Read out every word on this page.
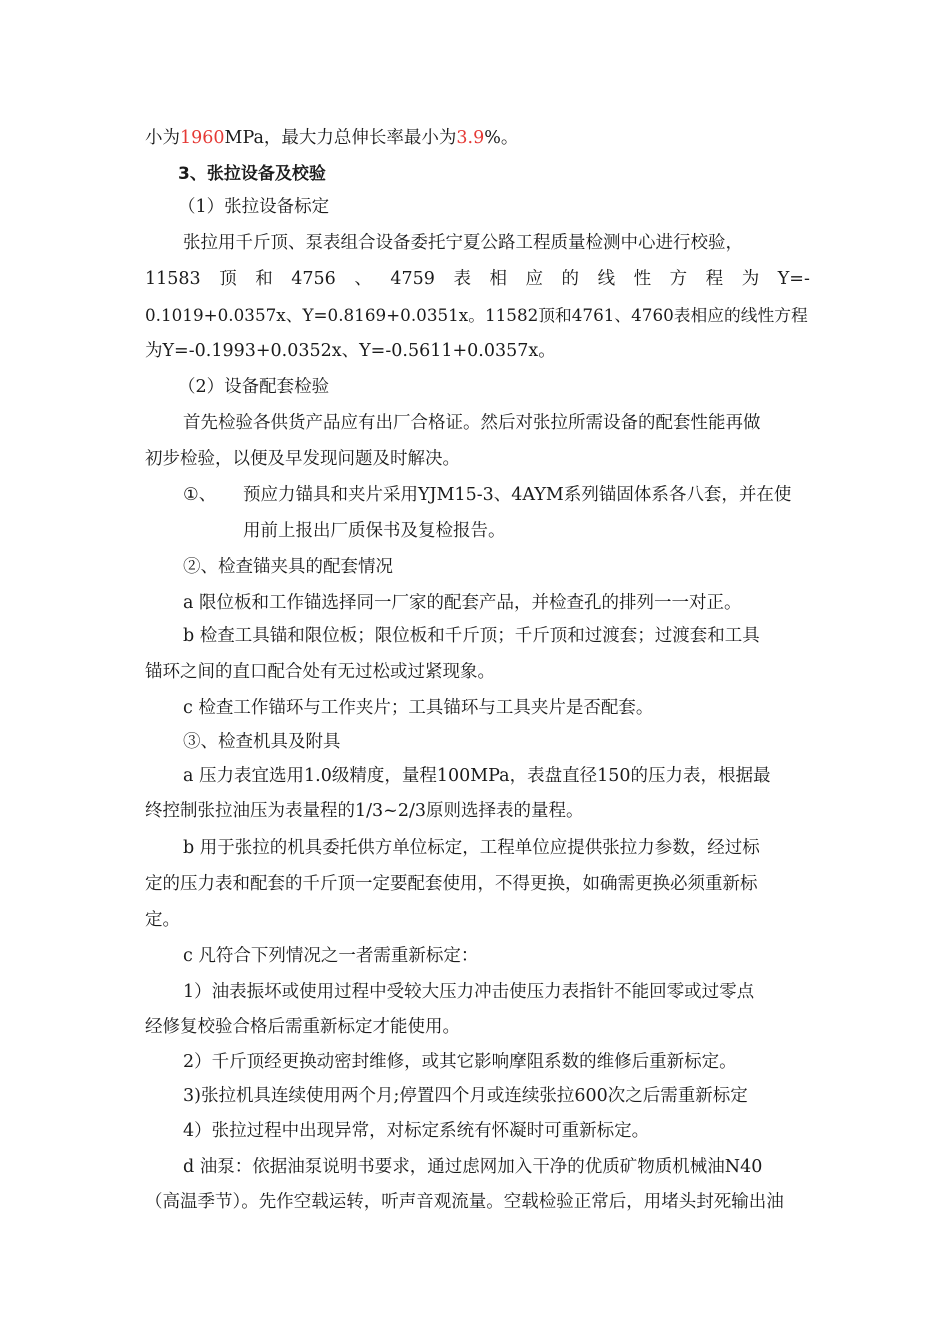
小为1960MPa，最大力总伸长率最小为3.9%。
3、张拉设备及校验
（1）张拉设备标定
张拉用千斤顶、泵表组合设备委托宁夏公路工程质量检测中心进行校验，
11583 顶 和 4756 、 4759 表 相 应 的 线 性 方 程 为 Y=-
0.1019+0.0357x、Y=0.8169+0.0351x。11582顶和4761、4760表相应的线性方程
为Y=-0.1993+0.0352x、Y=-0.5611+0.0357x。
（2）设备配套检验
首先检验各供货产品应有出厂合格证。然后对张拉所需设备的配套性能再做
初步检验，以便及早发现问题及时解决。
①、 预应力锚具和夹片采用YJM15-3、4AYM系列锚固体系各八套，并在使
用前上报出厂质保书及复检报告。
②、检查锚夹具的配套情况
a 限位板和工作锚选择同一厂家的配套产品，并检查孔的排列一一对正。
b 检查工具锚和限位板；限位板和千斤顶；千斤顶和过渡套；过渡套和工具
锚环之间的直口配合处有无过松或过紧现象。
c 检查工作锚环与工作夹片；工具锚环与工具夹片是否配套。
③、检查机具及附具
a 压力表宜选用1.0级精度，量程100MPa，表盘直径150的压力表，根据最
终控制张拉油压为表量程的1/3~2/3原则选择表的量程。
b 用于张拉的机具委托供方单位标定，工程单位应提供张拉力参数，经过标
定的压力表和配套的千斤顶一定要配套使用，不得更换，如确需更换必须重新标
定。
c 凡符合下列情况之一者需重新标定：
1）油表振坏或使用过程中受较大压力冲击使压力表指针不能回零或过零点
经修复校验合格后需重新标定才能使用。
2）千斤顶经更换动密封维修，或其它影响摩阻系数的维修后重新标定。
3)张拉机具连续使用两个月;停置四个月或连续张拉600次之后需重新标定
4）张拉过程中出现异常，对标定系统有怀凝时可重新标定。
d 油泵：依据油泵说明书要求，通过虑网加入干净的优质矿物质机械油N40
（高温季节）。先作空载运转，听声音观流量。空载检验正常后，用堵头封死输出油
